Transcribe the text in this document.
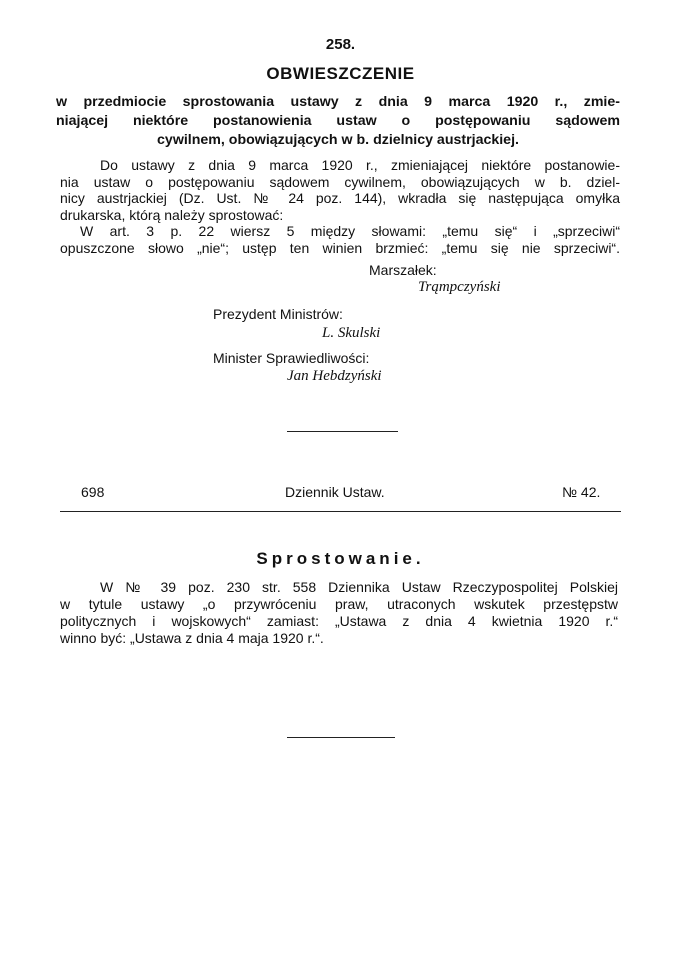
258.
OBWIESZCZENIE
w przedmiocie sprostowania ustawy z dnia 9 marca 1920 r., zmie-
niającej niektóre postanowienia ustaw o postępowaniu sądowem
cywilnem, obowiązujących w b. dzielnicy austrjackiej.
Do ustawy z dnia 9 marca 1920 r., zmieniającej niektóre postanowie-
nia ustaw o postępowaniu sądowem cywilnem, obowiązujących w b. dziel-
nicy austrjackiej (Dz. Ust. № 24 poz. 144), wkradła się następująca omyłka
drukarska, którą należy sprostować:
W art. 3 p. 22 wiersz 5 między słowami: „temu się“ i „sprzeciwi“
opuszczone słowo „nie“; ustęp ten winien brzmieć: „temu się nie sprzeciwi“.
Marszałek:
Trąmpczyński
Prezydent Ministrów:
L. Skulski
Minister Sprawiedliwości:
Jan Hebdzyński
698	Dziennik Ustaw.	№ 42.
Sprostowanie.
W № 39 poz. 230 str. 558 Dziennika Ustaw Rzeczypospolitej Polskiej
w tytule ustawy „o przywróceniu praw, utraconych wskutek przestępstw
politycznych i wojskowych“ zamiast: „Ustawa z dnia 4 kwietnia 1920 r.“
winno być: „Ustawa z dnia 4 maja 1920 r.“.
